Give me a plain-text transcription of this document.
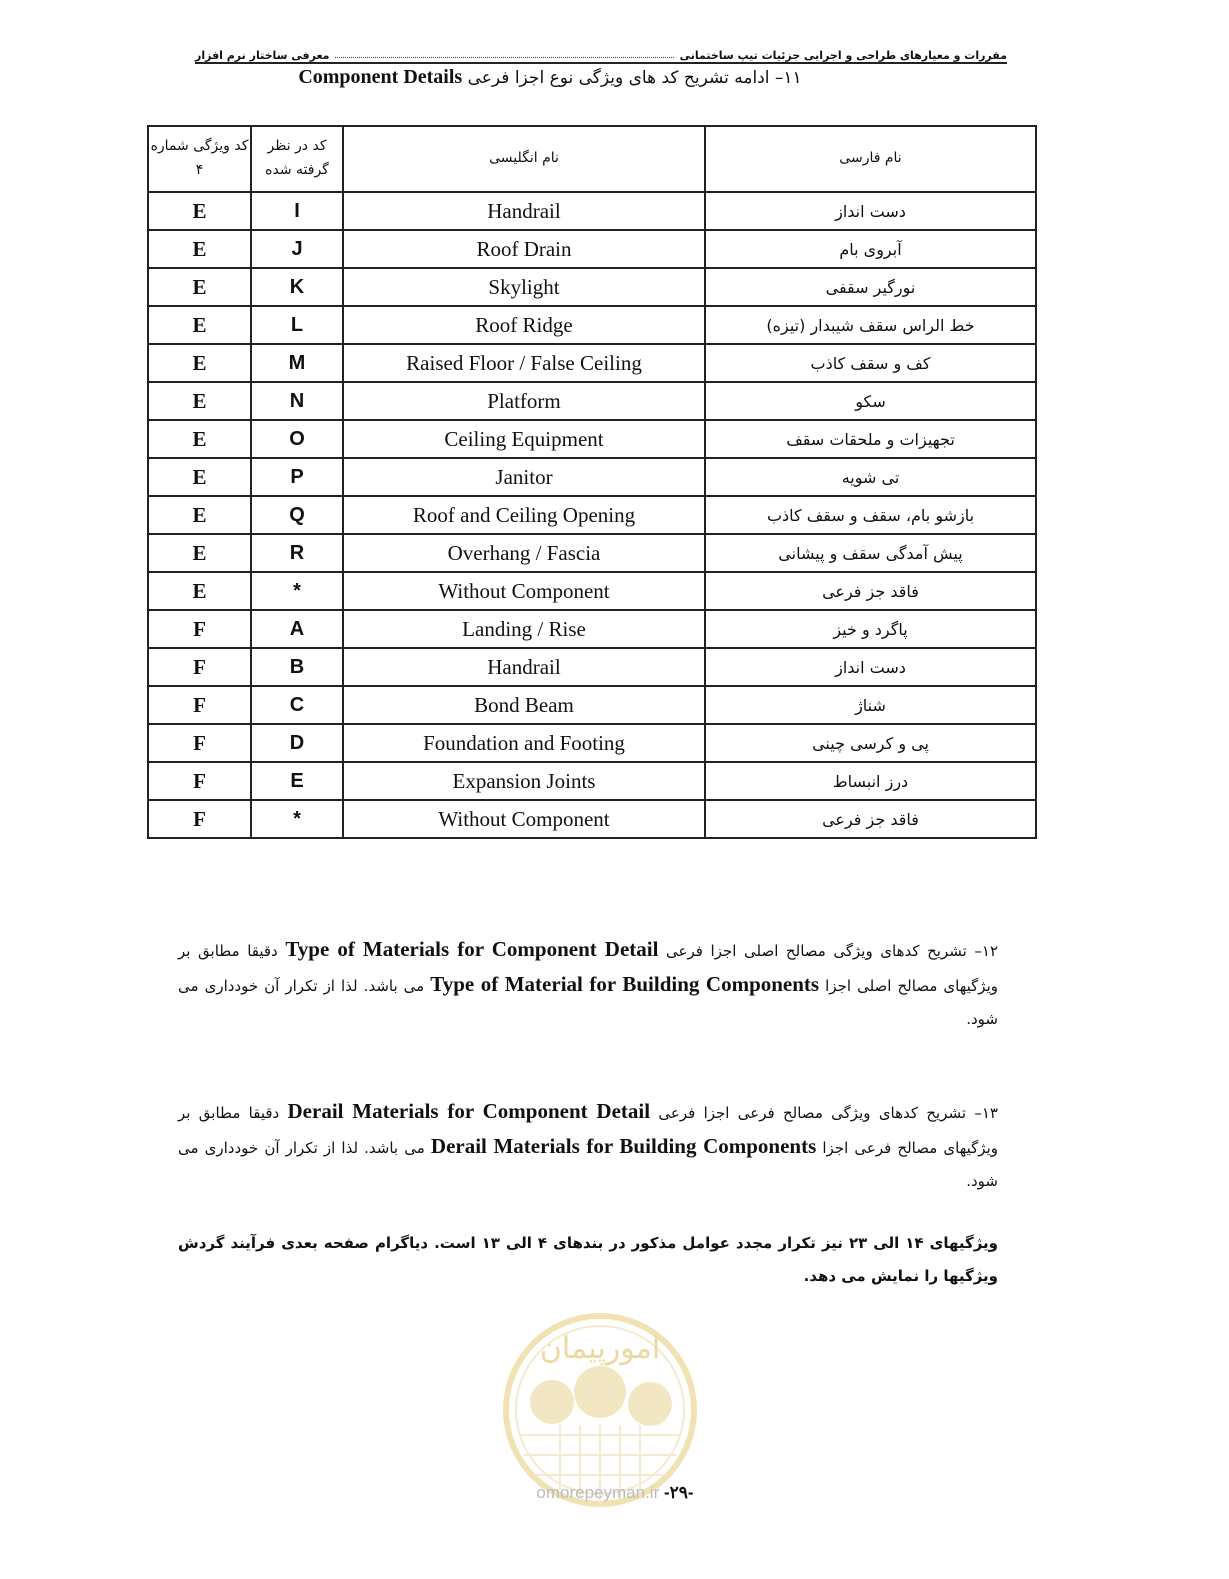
مقررات و معیارهای طراحی و اجرایی جزئیات تیپ ساختمانی
معرفی ساختار نرم افزار
۱۱– ادامه تشریح کد های ویژگی نوع اجزا فرعی Component Details
کد ویژگی شماره ۴	کد در نظر گرفته شده	نام انگلیسی	نام فارسی
E	I	Handrail	دست انداز
E	J	Roof Drain	آبروی بام
E	K	Skylight	نورگیر سقفی
E	L	Roof Ridge	خط الراس سقف شیبدار (تیزه)
E	M	Raised Floor / False Ceiling	کف و سقف کاذب
E	N	Platform	سکو
E	O	Ceiling Equipment	تجهیزات و ملحقات سقف
E	P	Janitor	تی شویه
E	Q	Roof and Ceiling Opening	بازشو بام، سقف و سقف کاذب
E	R	Overhang / Fascia	پیش آمدگی سقف و پیشانی
E	*	Without Component	فاقد جز فرعی
F	A	Landing / Rise	پاگرد و خیز
F	B	Handrail	دست انداز
F	C	Bond Beam	شناژ
F	D	Foundation and Footing	پی و کرسی چینی
F	E	Expansion Joints	درز انبساط
F	*	Without Component	فاقد جز فرعی
۱۲– تشریح کدهای ویژگی مصالح اصلی اجزا فرعی Type of Materials for Component Detail دقیقا مطابق بر ویژگیهای مصالح اصلی اجزا Type of Material for Building Components می باشد. لذا از تکرار آن خودداری می شود.
۱۳– تشریح کدهای ویژگی مصالح فرعی اجزا فرعی Derail Materials for Component Detail دقیقا مطابق بر ویژگیهای مصالح فرعی اجزا Derail Materials for Building Components می باشد. لذا از تکرار آن خودداری می شود.
ویژگیهای ۱۴ الی ۲۳ نیز تکرار مجدد عوامل مذکور در بندهای ۴ الی ۱۳ است. دیاگرام صفحه بعدی فرآیند گردش ویژگیها را نمایش می دهد.
امورپیمان
omorepeyman.ir -۲۹-
